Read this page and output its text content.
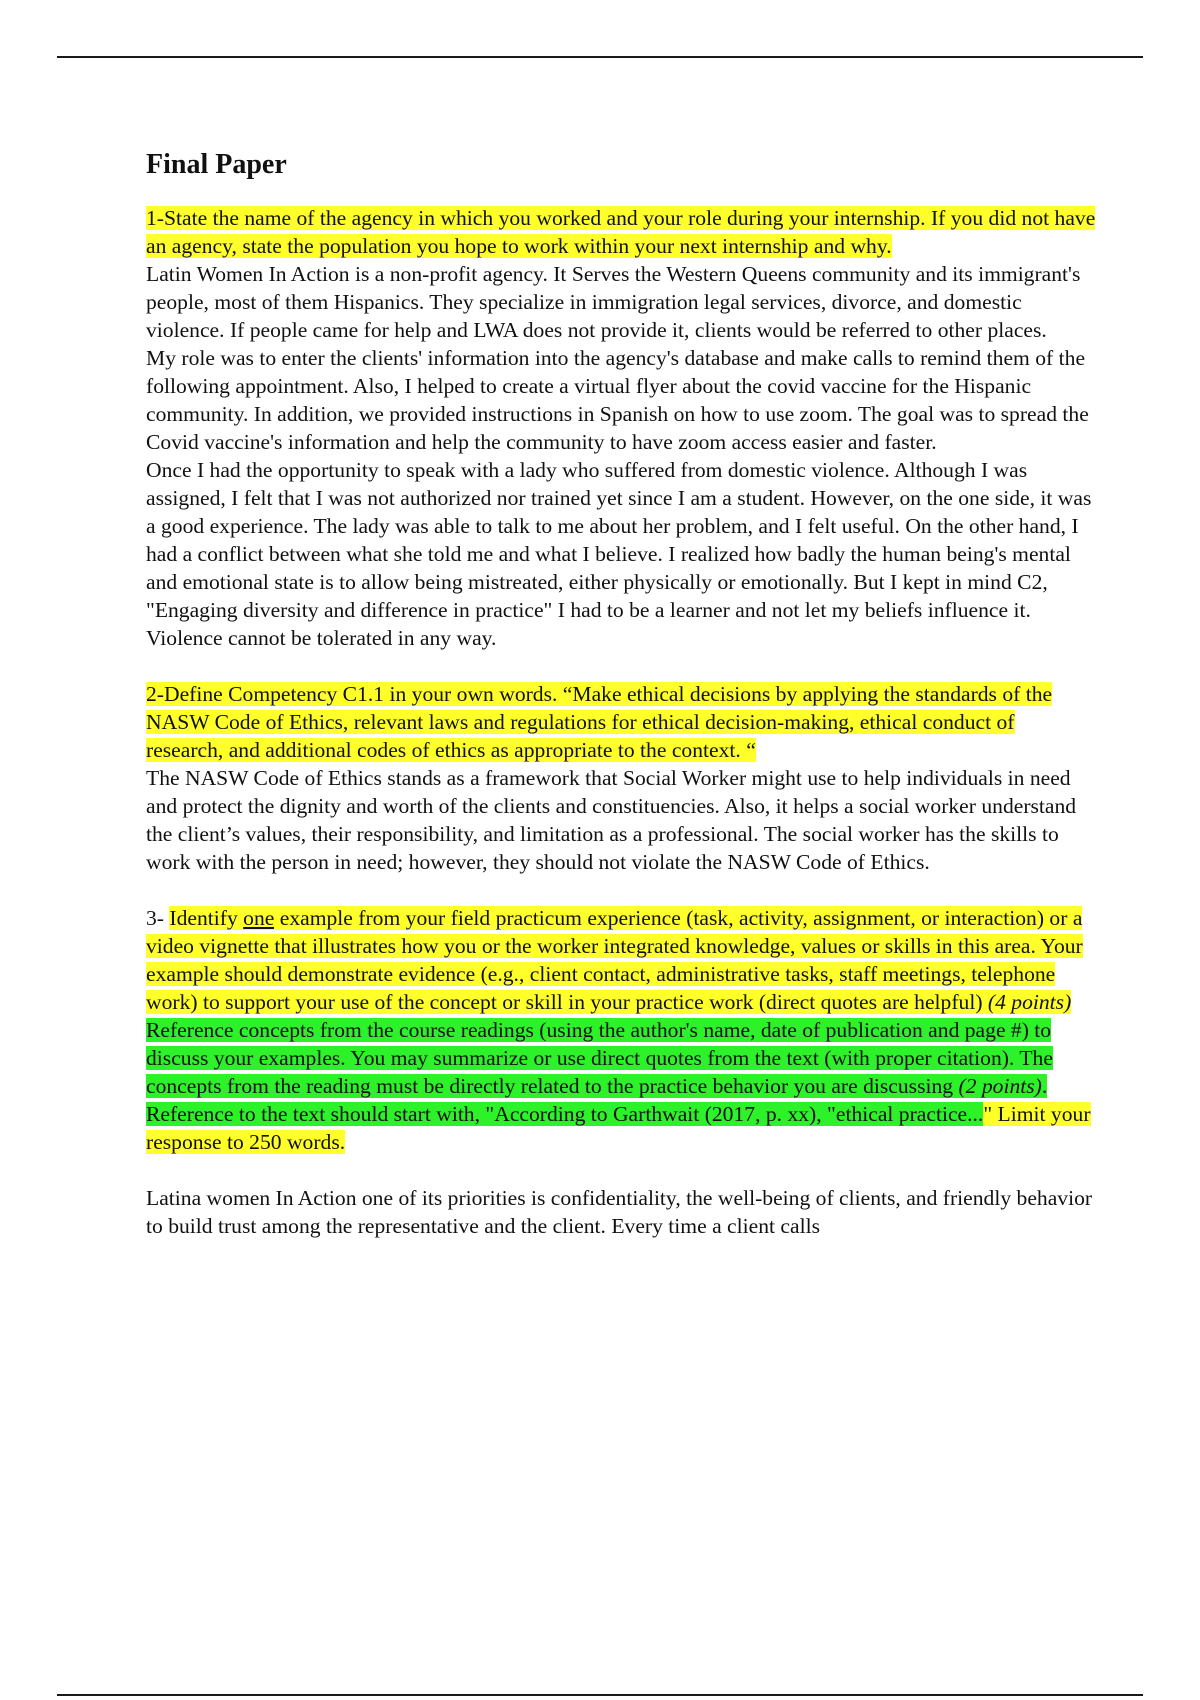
Final Paper

1-State the name of the agency in which you worked and your role during your internship. If you did not have an agency, state the population you hope to work within your next internship and why.

Latin Women In Action is a non-profit agency. It Serves the Western Queens community and its immigrant's people, most of them Hispanics. They specialize in immigration legal services, divorce, and domestic violence. If people came for help and LWA does not provide it, clients would be referred to other places.

My role was to enter the clients' information into the agency's database and make calls to remind them of the following appointment. Also, I helped to create a virtual flyer about the covid vaccine for the Hispanic community. In addition, we provided instructions in Spanish on how to use zoom. The goal was to spread the Covid vaccine's information and help the community to have zoom access easier and faster.

Once I had the opportunity to speak with a lady who suffered from domestic violence. Although I was assigned, I felt that I was not authorized nor trained yet since I am a student. However, on the one side, it was a good experience. The lady was able to talk to me about her problem, and I felt useful. On the other hand, I had a conflict between what she told me and what I believe. I realized how badly the human being's mental and emotional state is to allow being mistreated, either physically or emotionally. But I kept in mind C2, "Engaging diversity and difference in practice" I had to be a learner and not let my beliefs influence it. Violence cannot be tolerated in any way.

2-Define Competency C1.1 in your own words. “Make ethical decisions by applying the standards of the NASW Code of Ethics, relevant laws and regulations for ethical decision-making, ethical conduct of research, and additional codes of ethics as appropriate to the context. “

The NASW Code of Ethics stands as a framework that Social Worker might use to help individuals in need and protect the dignity and worth of the clients and constituencies. Also, it helps a social worker understand the client’s values, their responsibility, and limitation as a professional. The social worker has the skills to work with the person in need; however, they should not violate the NASW Code of Ethics.

3- Identify one example from your field practicum experience (task, activity, assignment, or interaction) or a video vignette that illustrates how you or the worker integrated knowledge, values or skills in this area. Your example should demonstrate evidence (e.g., client contact, administrative tasks, staff meetings, telephone work) to support your use of the concept or skill in your practice work (direct quotes are helpful) (4 points)
Reference concepts from the course readings (using the author's name, date of publication and page #) to discuss your examples. You may summarize or use direct quotes from the text (with proper citation). The concepts from the reading must be directly related to the practice behavior you are discussing (2 points). Reference to the text should start with, "According to Garthwait (2017, p. xx), "ethical practice..." Limit your response to 250 words.

Latina women In Action one of its priorities is confidentiality, the well-being of clients, and friendly behavior to build trust among the representative and the client. Every time a client calls
